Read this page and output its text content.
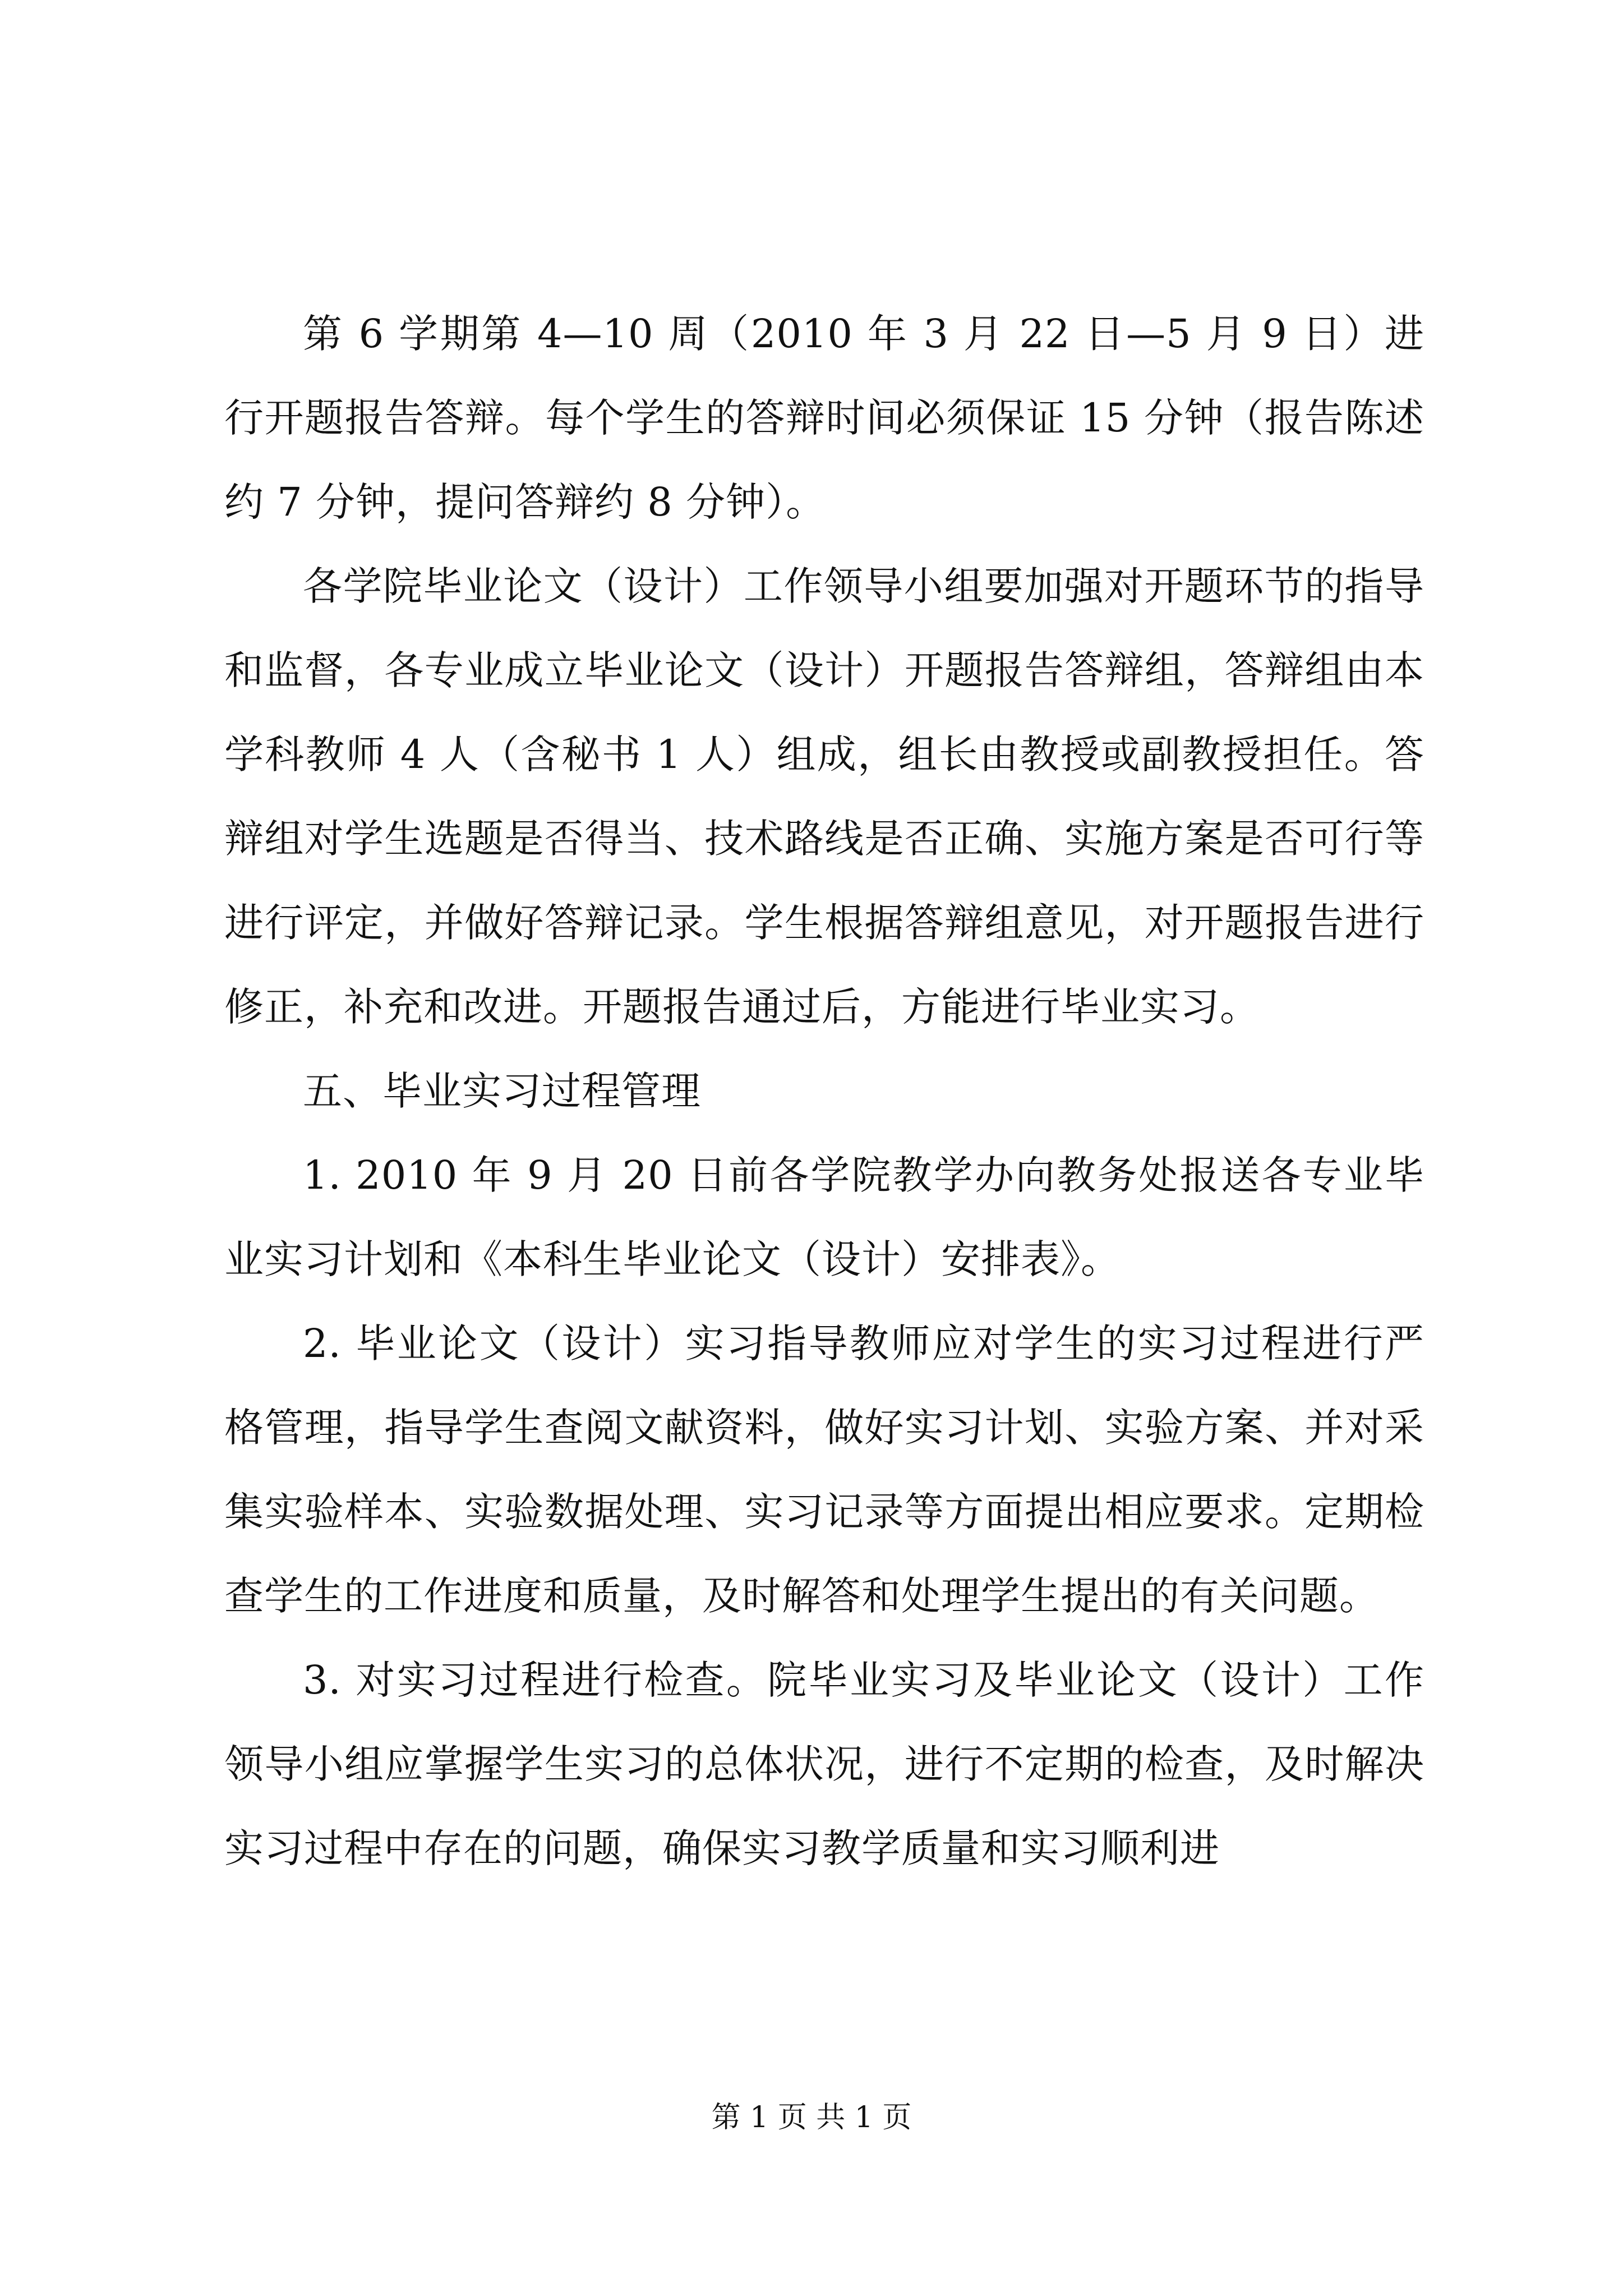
第 6 学期第 4—10 周（2010 年 3 月 22 日—5 月 9 日）进行开题报告答辩。每个学生的答辩时间必须保证 15 分钟（报告陈述约 7 分钟，提问答辩约 8 分钟）。

各学院毕业论文（设计）工作领导小组要加强对开题环节的指导和监督，各专业成立毕业论文（设计）开题报告答辩组，答辩组由本学科教师 4 人（含秘书 1 人）组成，组长由教授或副教授担任。答辩组对学生选题是否得当、技术路线是否正确、实施方案是否可行等进行评定，并做好答辩记录。学生根据答辩组意见，对开题报告进行修正，补充和改进。开题报告通过后，方能进行毕业实习。

五、毕业实习过程管理

1. 2010 年 9 月 20 日前各学院教学办向教务处报送各专业毕业实习计划和《本科生毕业论文（设计）安排表》。

2. 毕业论文（设计）实习指导教师应对学生的实习过程进行严格管理，指导学生查阅文献资料，做好实习计划、实验方案、并对采集实验样本、实验数据处理、实习记录等方面提出相应要求。定期检查学生的工作进度和质量，及时解答和处理学生提出的有关问题。

3. 对实习过程进行检查。院毕业实习及毕业论文（设计）工作领导小组应掌握学生实习的总体状况，进行不定期的检查，及时解决实习过程中存在的问题，确保实习教学质量和实习顺利进

第 1 页 共 1 页
